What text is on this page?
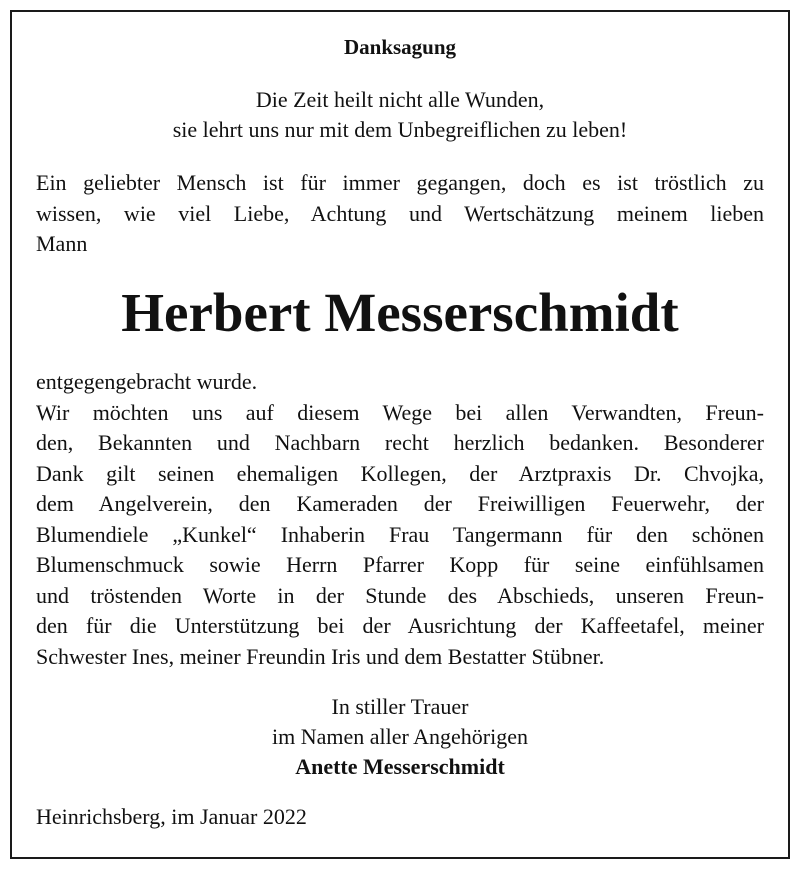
Danksagung
Die Zeit heilt nicht alle Wunden,
sie lehrt uns nur mit dem Unbegreiflichen zu leben!
Ein geliebter Mensch ist für immer gegangen, doch es ist tröstlich zu
wissen, wie viel Liebe, Achtung und Wertschätzung meinem lieben
Mann
Herbert Messerschmidt
entgegengebracht wurde.
Wir möchten uns auf diesem Wege bei allen Verwandten, Freun-
den, Bekannten und Nachbarn recht herzlich bedanken. Besonderer
Dank gilt seinen ehemaligen Kollegen, der Arztpraxis Dr. Chvojka,
dem Angelverein, den Kameraden der Freiwilligen Feuerwehr, der
Blumendiele „Kunkel“ Inhaberin Frau Tangermann für den schönen
Blumenschmuck sowie Herrn Pfarrer Kopp für seine einfühlsamen
und tröstenden Worte in der Stunde des Abschieds, unseren Freun-
den für die Unterstützung bei der Ausrichtung der Kaffeetafel, meiner
Schwester Ines, meiner Freundin Iris und dem Bestatter Stübner.
In stiller Trauer
im Namen aller Angehörigen
Anette Messerschmidt
Heinrichsberg, im Januar 2022
